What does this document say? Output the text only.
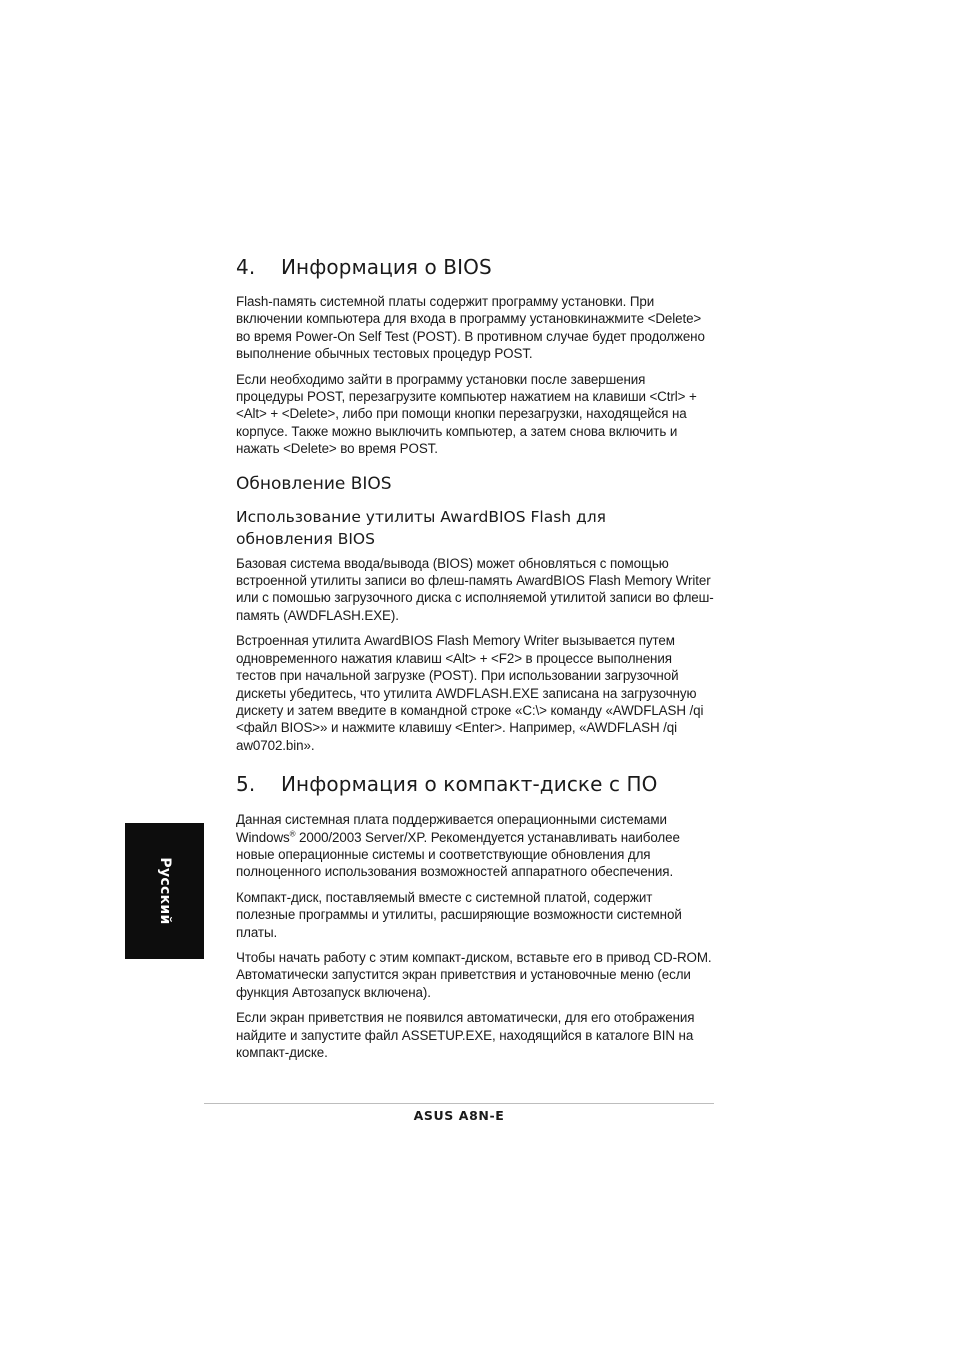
4. Информация о BIOS

Flash-память системной платы содержит программу установки. При включении компьютера для входа в программу установкинажмите <Delete> во время Power-On Self Test (POST). В противном случае будет продолжено выполнение обычных тестовых процедур POST.

Если необходимо зайти в программу установки после завершения процедуры POST, перезагрузите компьютер нажатием на клавиши <Ctrl> + <Alt> + <Delete>, либо при помощи кнопки перезагрузки, находящейся на корпусе. Также можно выключить компьютер, а затем снова включить и нажать <Delete> во время POST.

Обновление BIOS
Использование утилиты AwardBIOS Flash для
обновления BIOS

Базовая система ввода/вывода (BIOS) может обновляться с помощью встроенной утилиты записи во флеш-память AwardBIOS Flash Memory Writer или с помошью загрузочного диска с исполняемой утилитой записи во флеш-память (AWDFLASH.EXE).

Встроенная утилита AwardBIOS Flash Memory Writer вызывается путем одновременного нажатия клавиш <Alt> + <F2> в процессе выполнения тестов при начальной загрузке (POST). При использовании загрузочной дискеты убедитесь, что утилита AWDFLASH.EXE записана на загрузочную дискету и затем введите в командной строке «C:\> команду «AWDFLASH /qi <файл BIOS>» и нажмите клавишу <Enter>. Например, «AWDFLASH /qi aw0702.bin».

5. Информация о компакт-диске с ПО

Данная системная плата поддерживается операционными системами Windows® 2000/2003 Server/XP. Рекомендуется устанавливать наиболее новые операционные системы и соответствующие обновления для полноценного использования возможностей аппаратного обеспечения.

Компакт-диск, поставляемый вместе с системной платой, содержит полезные программы и утилиты, расширяющие возможности системной платы.

Чтобы начать работу с этим компакт-диском, вставьте его в привод CD-ROM. Автоматически запустится экран приветствия и установочные меню (если функция Автозапуск включена).

Если экран приветствия не появился автоматически, для его отображения найдите и запустите файл ASSETUP.EXE, находящийся в каталоге BIN на компакт-диске.

Русский
ASUS A8N-E
